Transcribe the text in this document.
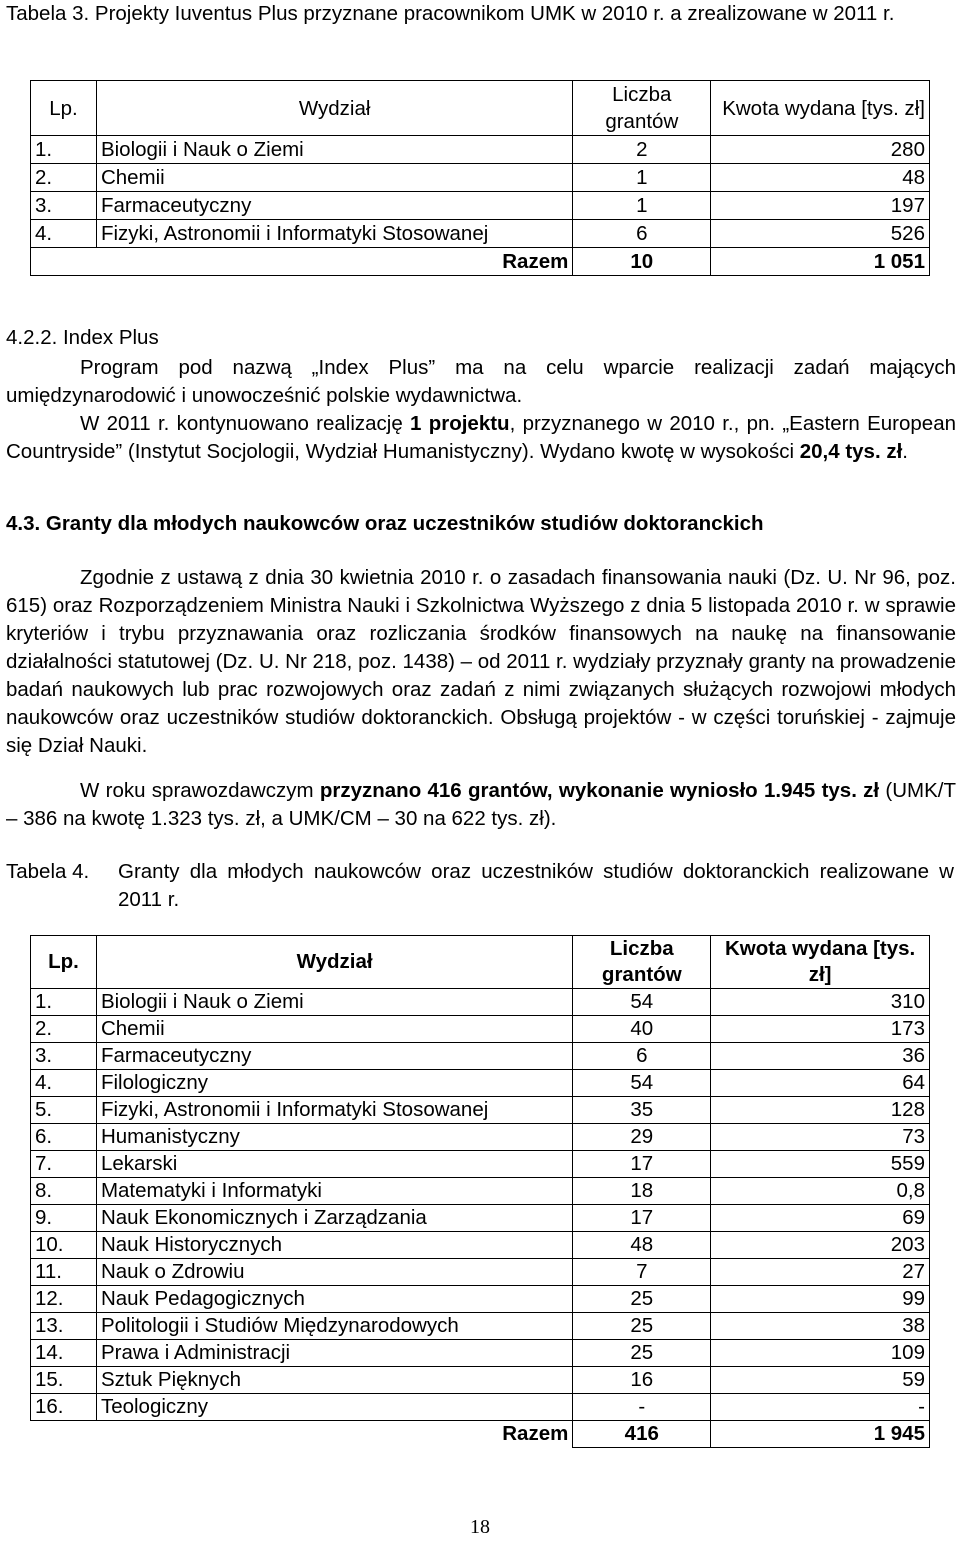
Tabela 3. Projekty Iuventus Plus przyznane pracownikom UMK w 2010 r. a zrealizowane w 2011 r.
Lp.	Wydział	Liczba grantów	Kwota wydana [tys. zł]
1.	Biologii i Nauk o Ziemi	2	280
2.	Chemii	1	48
3.	Farmaceutyczny	1	197
4.	Fizyki, Astronomii i Informatyki Stosowanej	6	526

Razem		10	1 051
4.2.2. Index Plus
Program pod nazwą „Index Plus” ma na celu wparcie realizacji zadań mających umiędzynarodowić i unowocześnić polskie wydawnictwa.
W 2011 r. kontynuowano realizację 1 projektu, przyznanego w 2010 r., pn. „Eastern European Countryside” (Instytut Socjologii, Wydział Humanistyczny). Wydano kwotę w wysokości 20,4 tys. zł.
4.3. Granty dla młodych naukowców oraz uczestników studiów doktoranckich
Zgodnie z ustawą z dnia 30 kwietnia 2010 r. o zasadach finansowania nauki (Dz. U. Nr 96, poz. 615) oraz Rozporządzeniem Ministra Nauki i Szkolnictwa Wyższego z dnia 5 listopada 2010 r. w sprawie kryteriów i trybu przyznawania oraz rozliczania środków finansowych na naukę na finansowanie działalności statutowej (Dz. U. Nr 218, poz. 1438) – od 2011 r. wydziały przyznały granty na prowadzenie badań naukowych lub prac rozwojowych oraz zadań z nimi związanych służących rozwojowi młodych naukowców oraz uczestników studiów doktoranckich. Obsługą projektów - w części toruńskiej - zajmuje się Dział Nauki.
W roku sprawozdawczym przyznano 416 grantów, wykonanie wyniosło 1.945 tys. zł (UMK/T – 386 na kwotę 1.323 tys. zł, a UMK/CM – 30 na 622 tys. zł).
Tabela 4. Granty dla młodych naukowców oraz uczestników studiów doktoranckich realizowane w 2011 r.
Lp.	Wydział	Liczba grantów	Kwota wydana [tys. zł]
1.	Biologii i Nauk o Ziemi	54	310
2.	Chemii	40	173
3.	Farmaceutyczny	6	36
4.	Filologiczny	54	64
5.	Fizyki, Astronomii i Informatyki Stosowanej	35	128
6.	Humanistyczny	29	73
7.	Lekarski	17	559
8.	Matematyki i Informatyki	18	0,8
9.	Nauk Ekonomicznych i Zarządzania	17	69
10.	Nauk Historycznych	48	203
11.	Nauk o Zdrowiu	7	27
12.	Nauk Pedagogicznych	25	99
13.	Politologii i Studiów Międzynarodowych	25	38
14.	Prawa i Administracji	25	109
15.	Sztuk Pięknych	16	59
16.	Teologiczny	-	-

Razem		416	1 945
18
